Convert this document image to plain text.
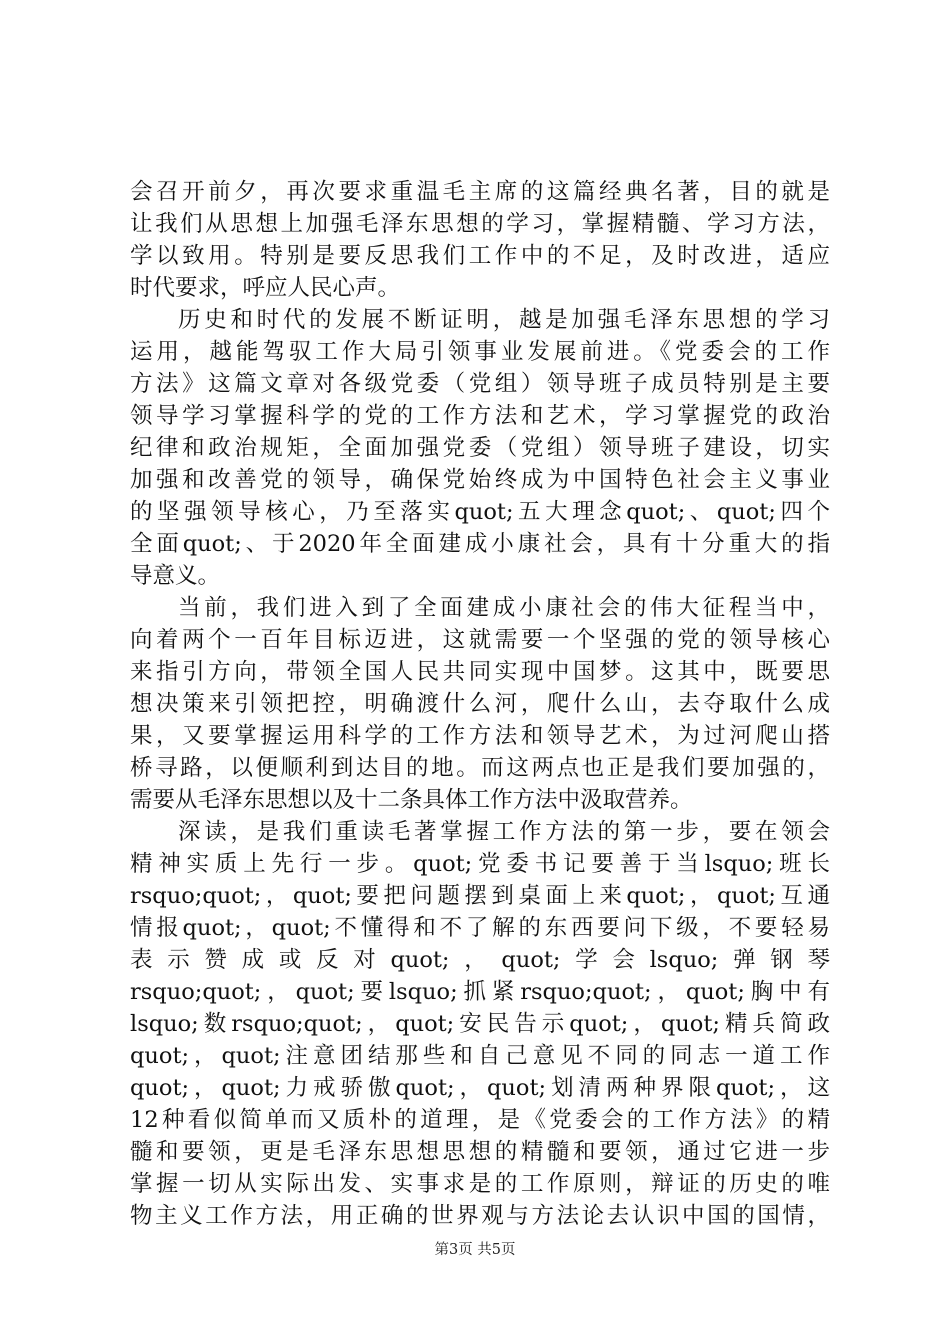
会召开前夕，再次要求重温毛主席的这篇经典名著，目的就是
让我们从思想上加强毛泽东思想的学习，掌握精髓、学习方法，
学以致用。特别是要反思我们工作中的不足，及时改进，适应
时代要求，呼应人民心声。
历史和时代的发展不断证明，越是加强毛泽东思想的学习
运用，越能驾驭工作大局引领事业发展前进。《党委会的工作
方法》这篇文章对各级党委（党组）领导班子成员特别是主要
领导学习掌握科学的党的工作方法和艺术，学习掌握党的政治
纪律和政治规矩，全面加强党委（党组）领导班子建设，切实
加强和改善党的领导，确保党始终成为中国特色社会主义事业
的坚强领导核心，乃至落实quot;五大理念quot;、quot;四个
全面quot;、于2020年全面建成小康社会，具有十分重大的指
导意义。
当前，我们进入到了全面建成小康社会的伟大征程当中，
向着两个一百年目标迈进，这就需要一个坚强的党的领导核心
来指引方向，带领全国人民共同实现中国梦。这其中，既要思
想决策来引领把控，明确渡什么河，爬什么山，去夺取什么成
果，又要掌握运用科学的工作方法和领导艺术，为过河爬山搭
桥寻路，以便顺利到达目的地。而这两点也正是我们要加强的，
需要从毛泽东思想以及十二条具体工作方法中汲取营养。
深读，是我们重读毛著掌握工作方法的第一步，要在领会
精神实质上先行一步。quot;党委书记要善于当lsquo;班长
rsquo;quot;，quot;要把问题摆到桌面上来quot;，quot;互通
情报quot;，quot;不懂得和不了解的东西要问下级，不要轻易
表示赞成或反对quot;，quot;学会lsquo;弹钢琴
rsquo;quot;，quot;要lsquo;抓紧rsquo;quot;，quot;胸中有
lsquo;数rsquo;quot;，quot;安民告示quot;，quot;精兵简政
quot;，quot;注意团结那些和自己意见不同的同志一道工作
quot;，quot;力戒骄傲quot;，quot;划清两种界限quot;，这
12种看似简单而又质朴的道理，是《党委会的工作方法》的精
髓和要领，更是毛泽东思想思想的精髓和要领，通过它进一步
掌握一切从实际出发、实事求是的工作原则，辩证的历史的唯
物主义工作方法，用正确的世界观与方法论去认识中国的国情，
第3页 共5页
